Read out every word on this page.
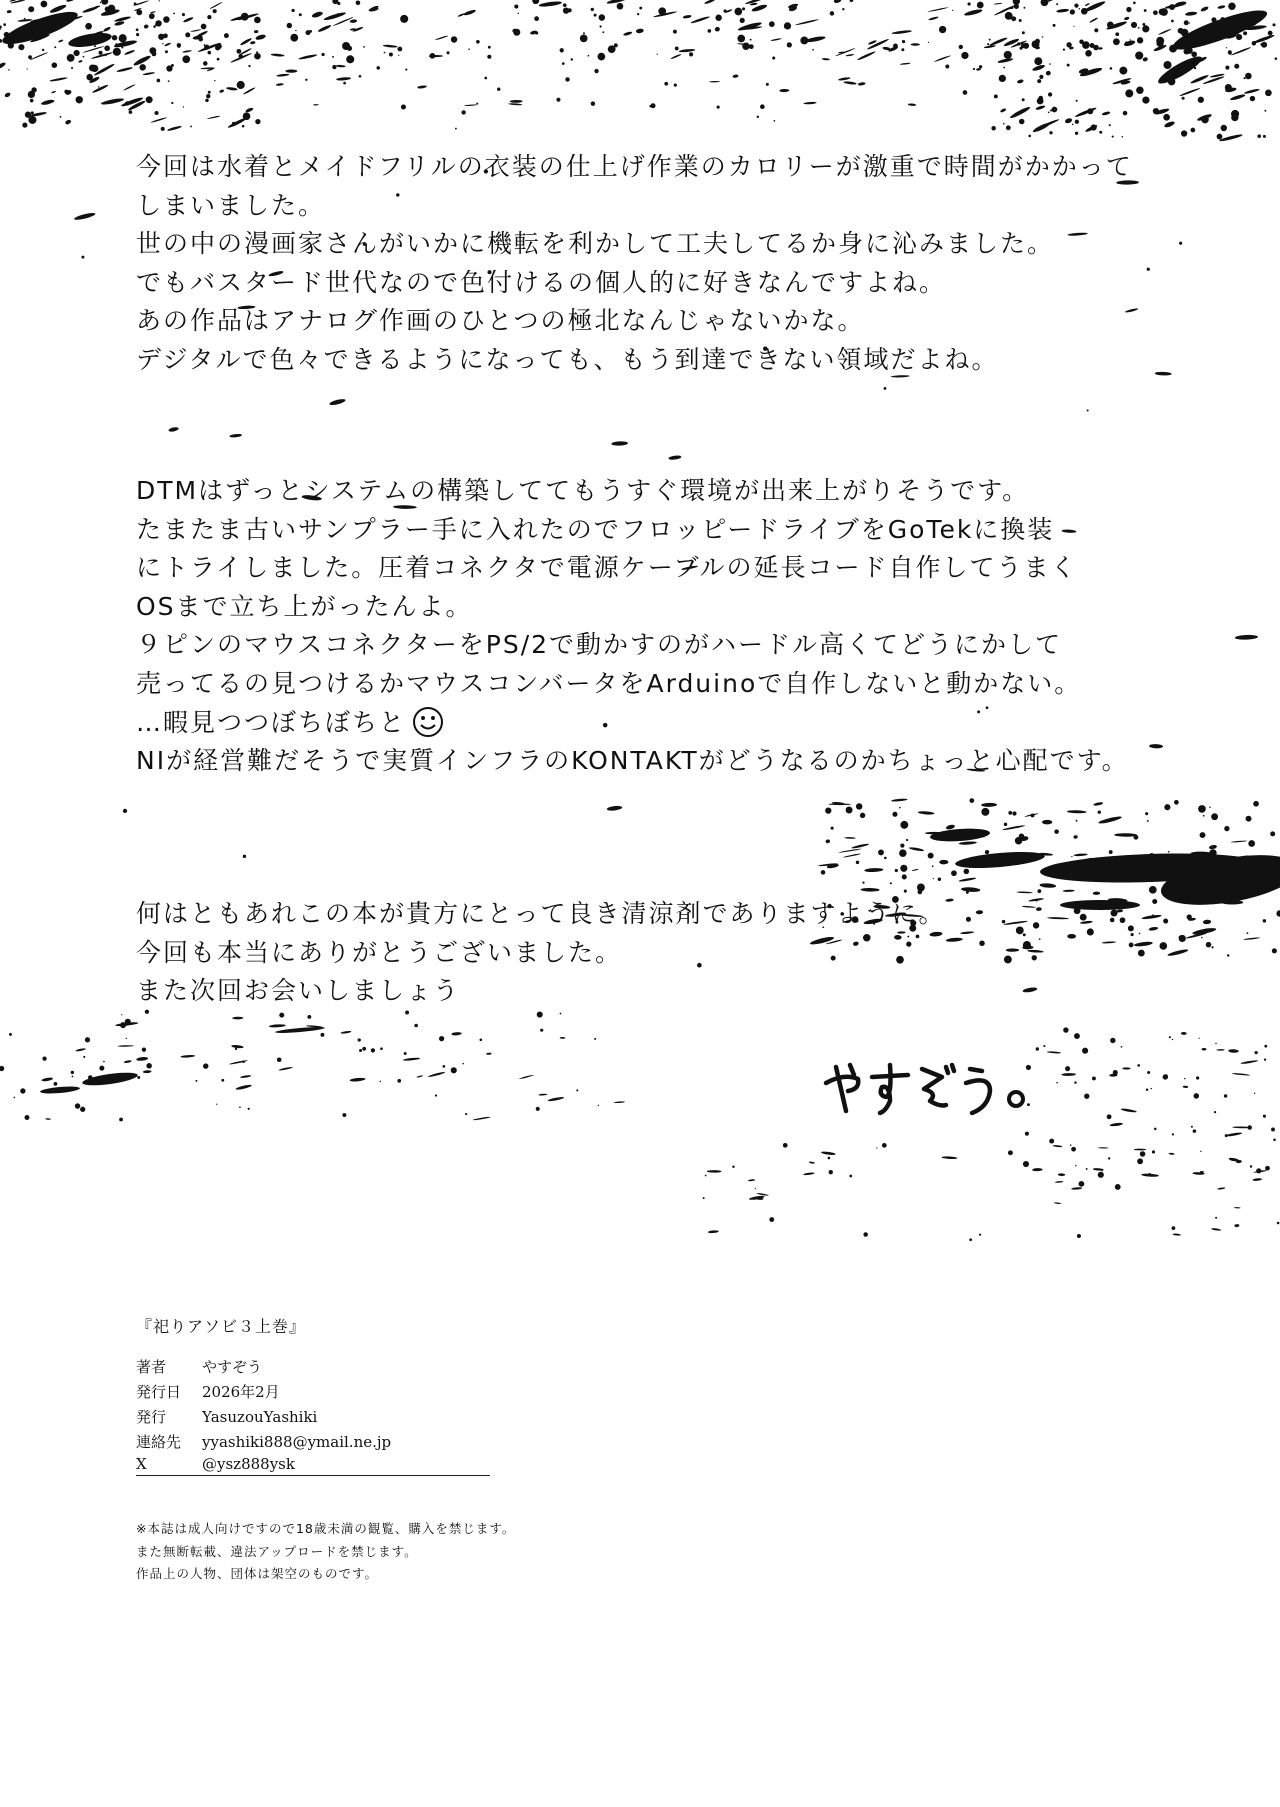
今回は水着とメイドフリルの衣装の仕上げ作業のカロリーが激重で時間がかかって
しまいました。
世の中の漫画家さんがいかに機転を利かして工夫してるか身に沁みました。
でもバスタード世代なので色付けるの個人的に好きなんですよね。
あの作品はアナログ作画のひとつの極北なんじゃないかな。
デジタルで色々できるようになっても、もう到達できない領域だよね。
DTMはずっとシステムの構築しててもうすぐ環境が出来上がりそうです。
たまたま古いサンプラー手に入れたのでフロッピードライブをGoTekに換装
にトライしました。圧着コネクタで電源ケーブルの延長コード自作してうまく
OSまで立ち上がったんよ。
９ピンのマウスコネクターをPS/2で動かすのがハードル高くてどうにかして
売ってるの見つけるかマウスコンバータをArduinoで自作しないと動かない。
…暇見つつぼちぼちと
NIが経営難だそうで実質インフラのKONTAKTがどうなるのかちょっと心配です。
何はともあれこの本が貴方にとって良き清涼剤でありますように。
今回も本当にありがとうございました。
また次回お会いしましょう
『祀りアソビ３上巻』
著者	やすぞう
発行日	2026年2月
発行	YasuzouYashiki
連絡先	yyashiki888@ymail.ne.jp
X	@ysz888ysk
※本誌は成人向けですので18歳未満の観覧、購入を禁じます。
また無断転載、違法アップロードを禁じます。
作品上の人物、団体は架空のものです。
